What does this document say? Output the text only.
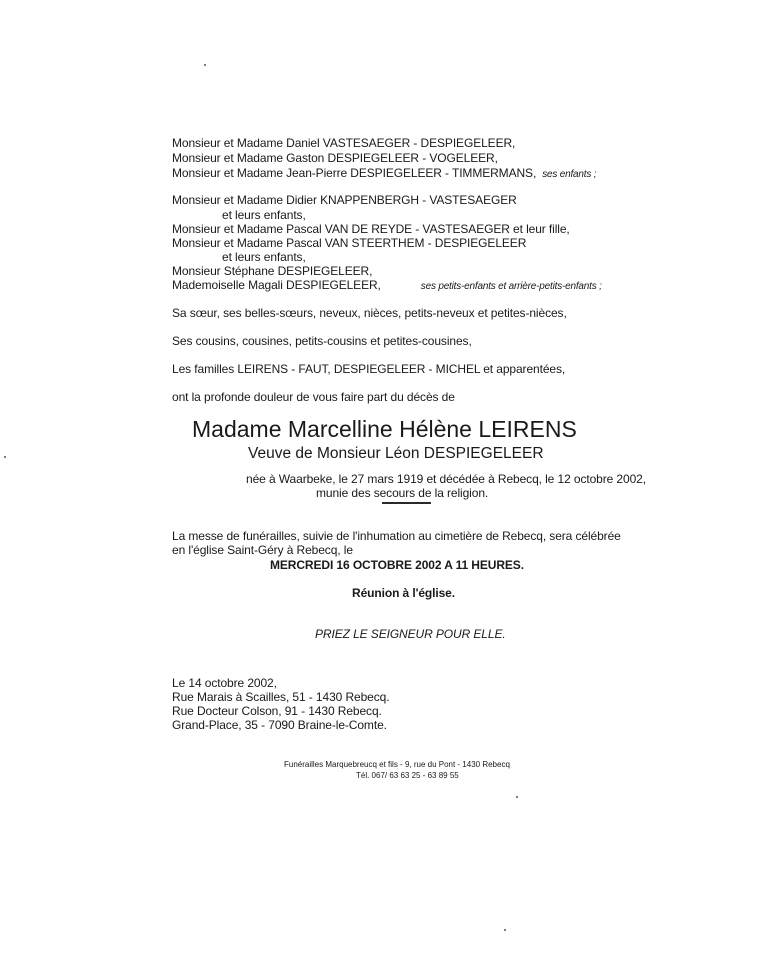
Monsieur et Madame Daniel VASTESAEGER - DESPIEGELEER,
Monsieur et Madame Gaston DESPIEGELEER - VOGELEER,
Monsieur et Madame Jean-Pierre DESPIEGELEER - TIMMERMANS, ses enfants ;
Monsieur et Madame Didier KNAPPENBERGH - VASTESAEGER
et leurs enfants,
Monsieur et Madame Pascal VAN DE REYDE - VASTESAEGER et leur fille,
Monsieur et Madame Pascal VAN STEERTHEM - DESPIEGELEER
et leurs enfants,
Monsieur Stéphane DESPIEGELEER,
Mademoiselle Magali DESPIEGELEER,	ses petits-enfants et arrière-petits-enfants ;
Sa sœur, ses belles-sœurs, neveux, nièces, petits-neveux et petites-nièces,
Ses cousins, cousines, petits-cousins et petites-cousines,
Les familles LEIRENS - FAUT, DESPIEGELEER - MICHEL et apparentées,
ont la profonde douleur de vous faire part du décès de
Madame Marcelline Hélène LEIRENS
Veuve de Monsieur Léon DESPIEGELEER
née à Waarbeke, le 27 mars 1919 et décédée à Rebecq, le 12 octobre 2002,
munie des secours de la religion.
La messe de funérailles, suivie de l'inhumation au cimetière de Rebecq, sera célébrée
en l'église Saint-Géry à Rebecq, le
MERCREDI 16 OCTOBRE 2002 A 11 HEURES.
Réunion à l'église.
PRIEZ LE SEIGNEUR POUR ELLE.
Le 14 octobre 2002,
Rue Marais à Scailles, 51 - 1430 Rebecq.
Rue Docteur Colson, 91 - 1430 Rebecq.
Grand-Place, 35 - 7090 Braine-le-Comte.
Funérailles Marquebreucq et fils - 9, rue du Pont - 1430 Rebecq
Tél. 067/ 63 63 25 - 63 89 55
